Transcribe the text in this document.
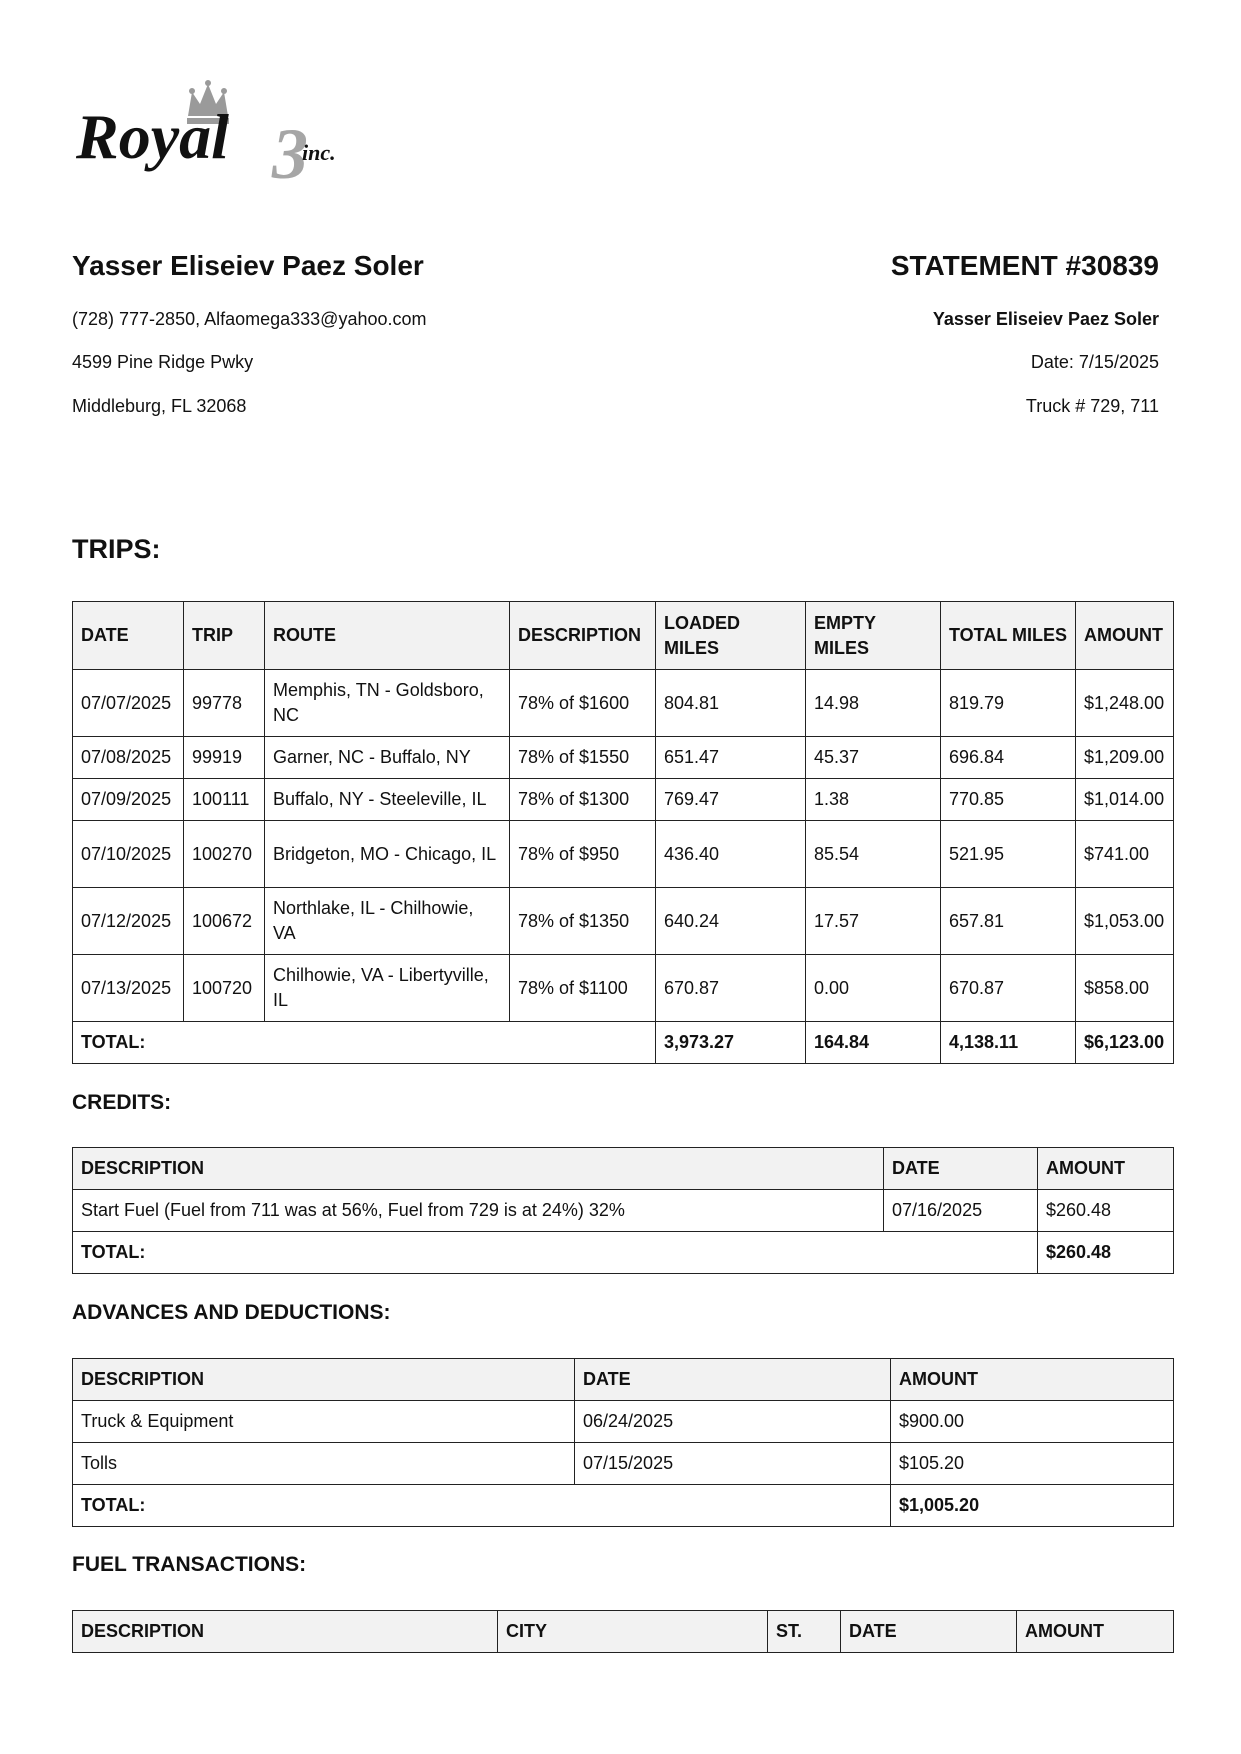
3
Royal	inc.
Yasser Eliseiev Paez Soler	STATEMENT #30839
(728) 777-2850, Alfaomega333@yahoo.com
4599 Pine Ridge Pwky
Middleburg, FL 32068
Yasser Eliseiev Paez Soler
Date: 7/15/2025
Truck # 729, 711
TRIPS:
DATE	TRIP	ROUTE	DESCRIPTION	LOADED MILES	EMPTY MILES	TOTAL MILES	AMOUNT
07/07/2025	99778	Memphis, TN - Goldsboro, NC	78% of $1600	804.81	14.98	819.79	$1,248.00
07/08/2025	99919	Garner, NC - Buffalo, NY	78% of $1550	651.47	45.37	696.84	$1,209.00
07/09/2025	100111	Buffalo, NY - Steeleville, IL	78% of $1300	769.47	1.38	770.85	$1,014.00
07/10/2025	100270	Bridgeton, MO - Chicago, IL	78% of $950	436.40	85.54	521.95	$741.00
07/12/2025	100672	Northlake, IL - Chilhowie, VA	78% of $1350	640.24	17.57	657.81	$1,053.00
07/13/2025	100720	Chilhowie, VA - Libertyville, IL	78% of $1100	670.87	0.00	670.87	$858.00
TOTAL:				3,973.27	164.84	4,138.11	$6,123.00
CREDITS:
DESCRIPTION	DATE	AMOUNT
Start Fuel (Fuel from 711 was at 56%, Fuel from 729 is at 24%) 32%	07/16/2025	$260.48
TOTAL:		$260.48
ADVANCES AND DEDUCTIONS:
DESCRIPTION	DATE	AMOUNT
Truck & Equipment	06/24/2025	$900.00
Tolls	07/15/2025	$105.20
TOTAL:		$1,005.20
FUEL TRANSACTIONS:
DESCRIPTION	CITY	ST.	DATE	AMOUNT
